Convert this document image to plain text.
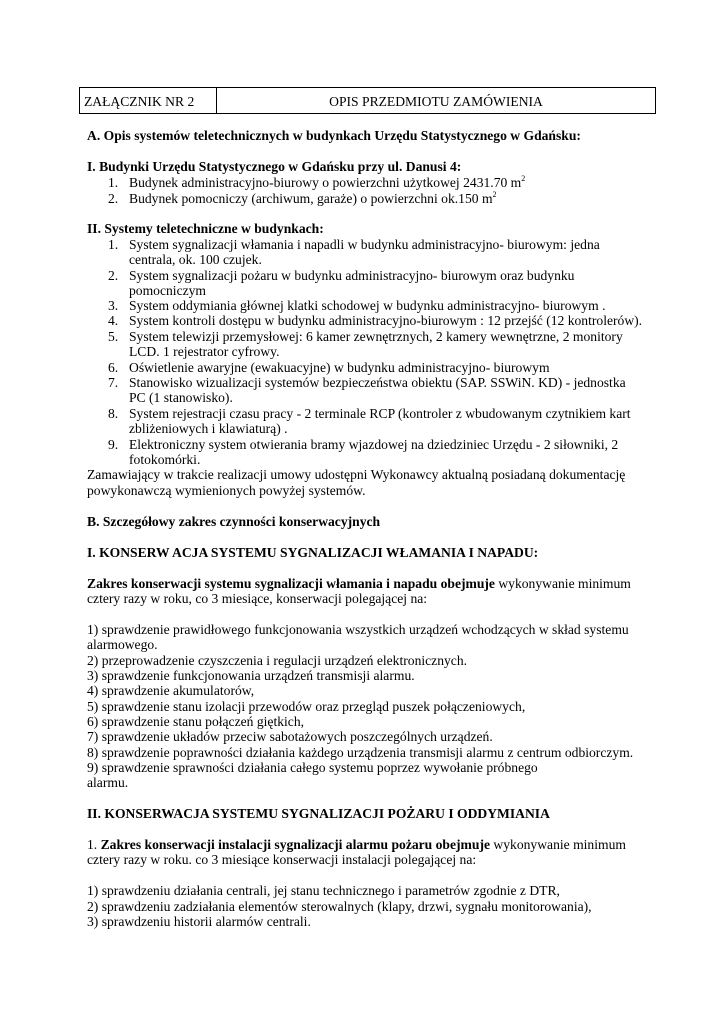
ZAŁĄCZNIK NR 2	OPIS PRZEDMIOTU ZAMÓWIENIA
A. Opis systemów teletechnicznych w budynkach Urzędu Statystycznego w Gdańsku:
I. Budynki Urzędu Statystycznego w Gdańsku przy ul. Danusi 4:
1. Budynek administracyjno-biurowy o powierzchni użytkowej 2431.70 $m^2$
2. Budynek pomocniczy (archiwum, garaże) o powierzchni ok.150 $m^2$
II. Systemy teletechniczne w budynkach:
1. System sygnalizacji włamania i napadli w budynku administracyjno- biurowym: jedna
centrala, ok. 100 czujek.
2. System sygnalizacji pożaru w budynku administracyjno- biurowym oraz budynku
pomocniczym
3. System oddymiania głównej klatki schodowej w budynku administracyjno- biurowym .
4. System kontroli dostępu w budynku administracyjno-biurowym : 12 przejść (12 kontrolerów).
5. System telewizji przemysłowej: 6 kamer zewnętrznych, 2 kamery wewnętrzne, 2 monitory
LCD. 1 rejestrator cyfrowy.
6. Oświetlenie awaryjne (ewakuacyjne) w budynku administracyjno- biurowym
7. Stanowisko wizualizacji systemów bezpieczeństwa obiektu (SAP. SSWiN. KD) - jednostka
PC (1 stanowisko).
8. System rejestracji czasu pracy - 2 terminale RCP (kontroler z wbudowanym czytnikiem kart
zbliżeniowych i klawiaturą) .
9. Elektroniczny system otwierania bramy wjazdowej na dziedziniec Urzędu - 2 siłowniki, 2
fotokomórki.
Zamawiający w trakcie realizacji umowy udostępni Wykonawcy aktualną posiadaną dokumentację
powykonawczą wymienionych powyżej systemów.
B. Szczegółowy zakres czynności konserwacyjnych
I. KONSERW ACJA SYSTEMU SYGNALIZACJI WŁAMANIA I NAPADU:
Zakres konserwacji systemu sygnalizacji włamania i napadu obejmuje wykonywanie minimum
cztery razy w roku, co 3 miesiące, konserwacji polegającej na:
1) sprawdzenie prawidłowego funkcjonowania wszystkich urządzeń wchodzących w skład systemu
alarmowego.
2) przeprowadzenie czyszczenia i regulacji urządzeń elektronicznych.
3) sprawdzenie funkcjonowania urządzeń transmisji alarmu.
4) sprawdzenie akumulatorów,
5) sprawdzenie stanu izolacji przewodów oraz przegląd puszek połączeniowych,
6) sprawdzenie stanu połączeń giętkich,
7) sprawdzenie układów przeciw sabotażowych poszczególnych urządzeń.
8) sprawdzenie poprawności działania każdego urządzenia transmisji alarmu z centrum odbiorczym.
9) sprawdzenie sprawności działania całego systemu poprzez wywołanie próbnego
alarmu.
II. KONSERWACJA SYSTEMU SYGNALIZACJI POŻARU I ODDYMIANIA
1. Zakres konserwacji instalacji sygnalizacji alarmu pożaru obejmuje wykonywanie minimum
cztery razy w roku. co 3 miesiące konserwacji instalacji polegającej na:
1) sprawdzeniu działania centrali, jej stanu technicznego i parametrów zgodnie z DTR,
2) sprawdzeniu zadziałania elementów sterowalnych (klapy, drzwi, sygnału monitorowania),
3) sprawdzeniu historii alarmów centrali.
